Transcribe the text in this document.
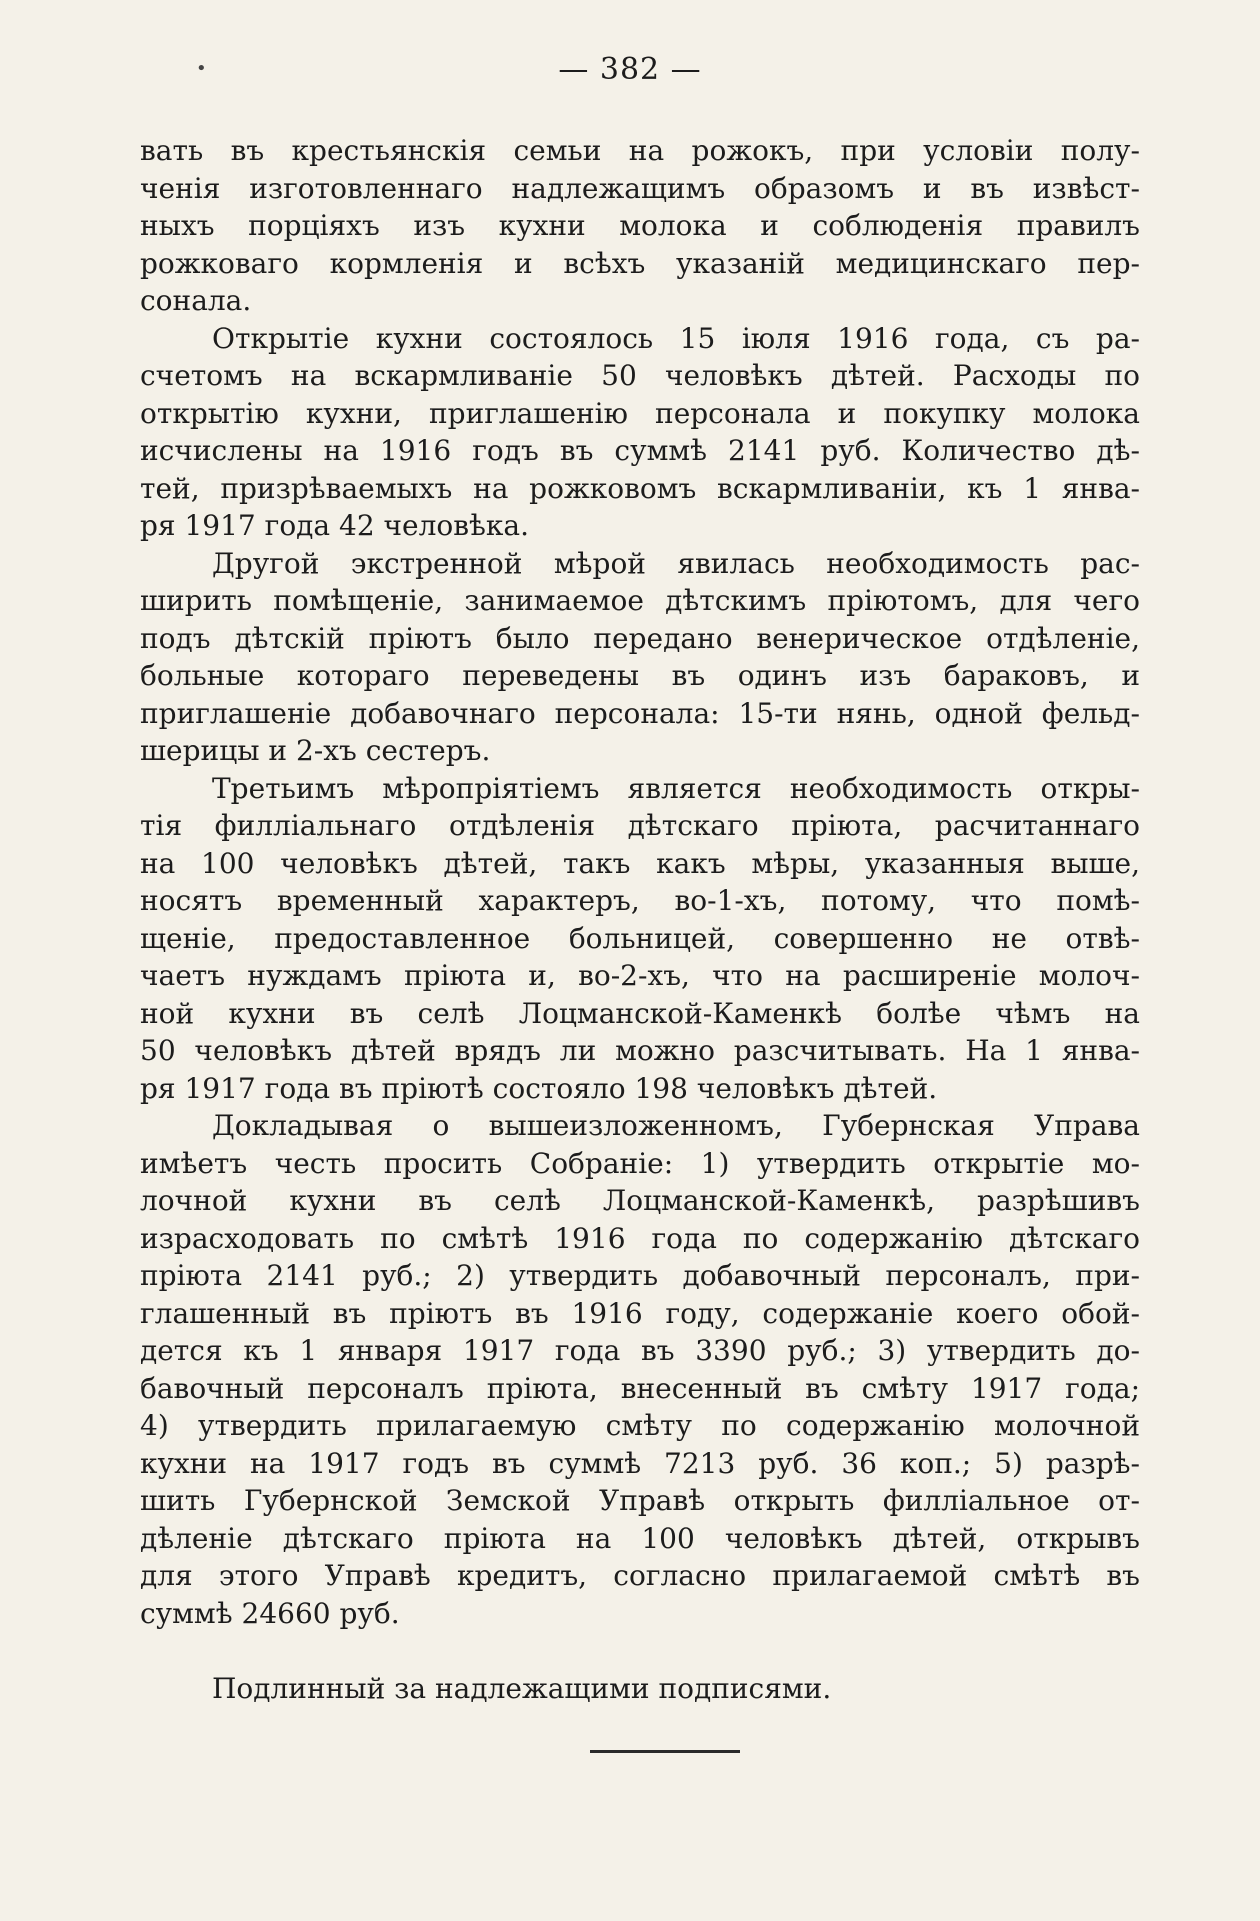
•	— 382 —
вать въ крестьянскія семьи на рожокъ, при условіи полу-
ченія изготовленнаго надлежащимъ образомъ и въ извѣст-
ныхъ порціяхъ изъ кухни молока и соблюденія правилъ
рожковаго кормленія и всѣхъ указаній медицинскаго пер-
сонала.
Открытіе кухни состоялось 15 іюля 1916 года, съ ра-
счетомъ на вскармливаніе 50 человѣкъ дѣтей. Расходы по
открытію кухни, приглашенію персонала и покупку молока
исчислены на 1916 годъ въ суммѣ 2141 руб. Количество дѣ-
тей, призрѣваемыхъ на рожковомъ вскармливаніи, къ 1 янва-
ря 1917 года 42 человѣка.
Другой экстренной мѣрой явилась необходимость рас-
ширить помѣщеніе, занимаемое дѣтскимъ пріютомъ, для чего
подъ дѣтскій пріютъ было передано венерическое отдѣленіе,
больные котораго переведены въ одинъ изъ бараковъ, и
приглашеніе добавочнаго персонала: 15-ти нянь, одной фельд-
шерицы и 2-хъ сестеръ.
Третьимъ мѣропріятіемъ является необходимость откры-
тія филліальнаго отдѣленія дѣтскаго пріюта, расчитаннаго
на 100 человѣкъ дѣтей, такъ какъ мѣры, указанныя выше,
носятъ временный характеръ, во-1-хъ, потому, что помѣ-
щеніе, предоставленное больницей, совершенно не отвѣ-
чаетъ нуждамъ пріюта и, во-2-хъ, что на расширеніе молоч-
ной кухни въ селѣ Лоцманской-Каменкѣ болѣе чѣмъ на
50 человѣкъ дѣтей врядъ ли можно разсчитывать. На 1 янва-
ря 1917 года въ пріютѣ состояло 198 человѣкъ дѣтей.
Докладывая о вышеизложенномъ, Губернская Управа
имѣетъ честь просить Собраніе: 1) утвердить открытіе мо-
лочной кухни въ селѣ Лоцманской-Каменкѣ, разрѣшивъ
израсходовать по смѣтѣ 1916 года по содержанію дѣтскаго
пріюта 2141 руб.; 2) утвердить добавочный персоналъ, при-
глашенный въ пріютъ въ 1916 году, содержаніе коего обой-
дется къ 1 января 1917 года въ 3390 руб.; 3) утвердить до-
бавочный персоналъ пріюта, внесенный въ смѣту 1917 года;
4) утвердить прилагаемую смѣту по содержанію молочной
кухни на 1917 годъ въ суммѣ 7213 руб. 36 коп.; 5) разрѣ-
шить Губернской Земской Управѣ открыть филліальное от-
дѣленіе дѣтскаго пріюта на 100 человѣкъ дѣтей, открывъ
для этого Управѣ кредитъ, согласно прилагаемой смѣтѣ въ
суммѣ 24660 руб.
Подлинный за надлежащими подписями.
